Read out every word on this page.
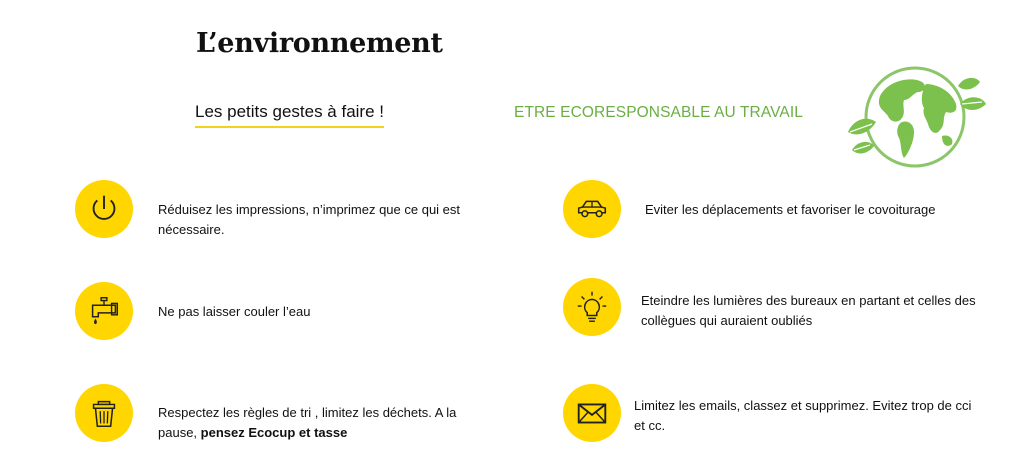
L’environnement
Les petits gestes à faire !	ETRE ECORESPONSABLE AU TRAVAIL
Réduisez les impressions, n’imprimez que ce qui est nécessaire.
Ne pas laisser couler l’eau
Respectez les règles de tri , limitez les déchets. A la pause, pensez Ecocup et tasse
Eviter les déplacements et favoriser le covoiturage
Eteindre les lumières des bureaux en partant et celles des collègues qui auraient oubliés
Limitez les emails, classez et supprimez. Evitez trop de cci et cc.
